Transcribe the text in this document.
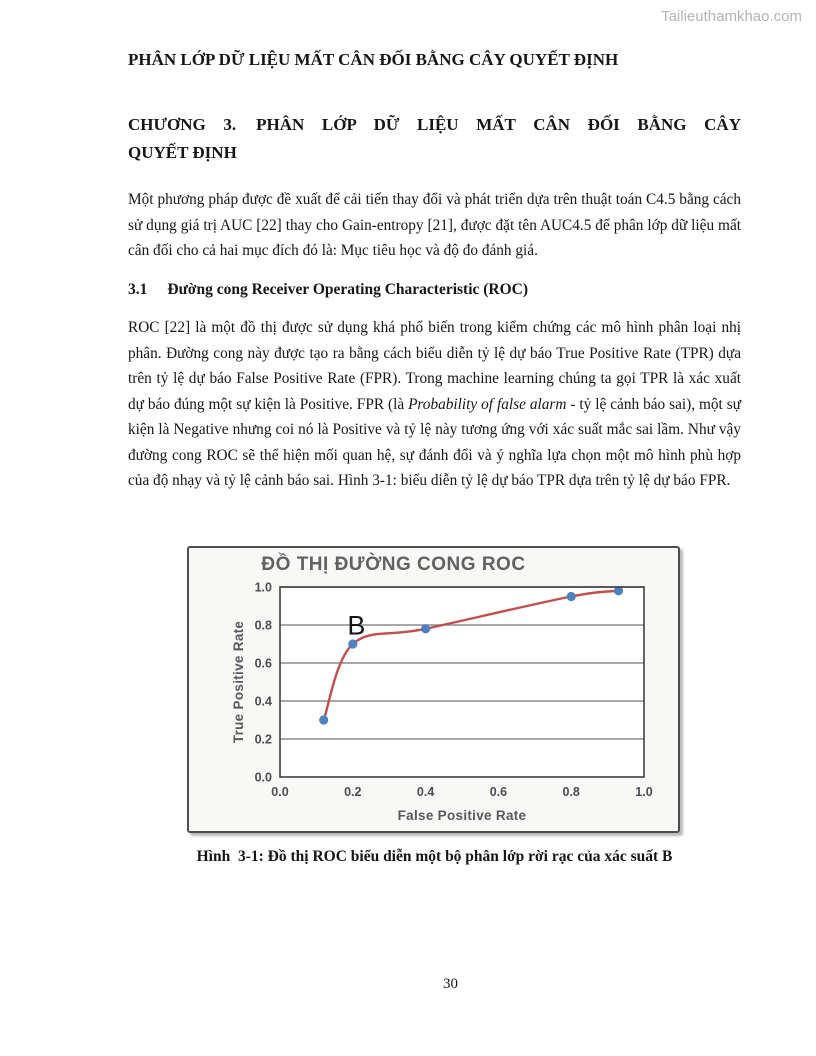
Tailieuthamkhao.com
PHÂN LỚP DỮ LIỆU MẤT CÂN ĐỐI BẰNG CÂY QUYẾT ĐỊNH
CHƯƠNG 3. PHÂN LỚP DỮ LIỆU MẤT CÂN ĐỐI BẰNG CÂY
QUYẾT ĐỊNH

Một phương pháp được đề xuất để cải tiến thay đổi và phát triển dựa trên thuật toán C4.5 bằng cách sử dụng giá trị AUC [22] thay cho Gain-entropy [21], được đặt tên AUC4.5 để phân lớp dữ liệu mất cân đối cho cả hai mục đích đó là: Mục tiêu học và độ đo đánh giá.

3.1 Đường cong Receiver Operating Characteristic (ROC)

ROC [22] là một đồ thị được sử dụng khá phổ biến trong kiểm chứng các mô hình phân loại nhị phân. Đường cong này được tạo ra bằng cách biểu diễn tỷ lệ dự báo True Positive Rate (TPR) dựa trên tỷ lệ dự báo False Positive Rate (FPR). Trong machine learning chúng ta gọi TPR là xác xuất dự báo đúng một sự kiện là Positive. FPR (là Probability of false alarm - tỷ lệ cảnh báo sai), một sự kiện là Negative nhưng coi nó là Positive và tỷ lệ này tương ứng với xác suất mắc sai lầm. Như vậy đường cong ROC sẽ thể hiện mối quan hệ, sự đánh đổi và ý nghĩa lựa chọn một mô hình phù hợp của độ nhạy và tỷ lệ cảnh báo sai. Hình 3-1: biểu diễn tỷ lệ dự báo TPR dựa trên tỷ lệ dự báo FPR.

0.0	0.2	0.4	0.6	0.8	1.0
0.0
0.2
0.4
0.6
0.8
1.0
False Positive Rate
True Positive Rate	B
ĐỒ THỊ ĐƯỜNG CONG ROC
Hình  3-1: Đồ thị ROC biểu diễn một bộ phân lớp rời rạc của xác suất B
30
